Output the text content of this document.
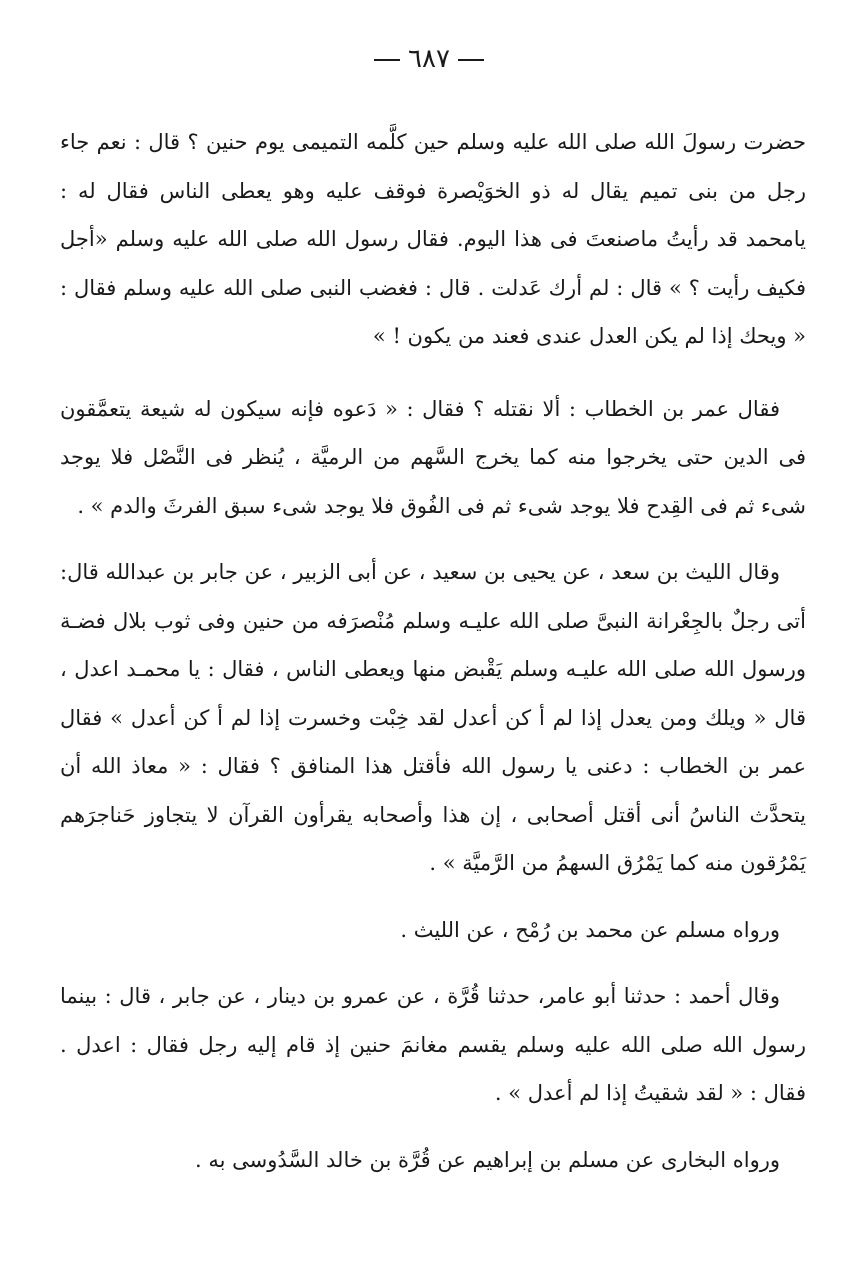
٦٨٧

حضرت رسولَ الله صلى الله عليه وسلم حين كلَّمه التميمى يوم حنين ؟ قال : نعم جاء رجل من بنى تميم يقال له ذو الخوَيْصرة فوقف عليه وهو يعطى الناس فقال له : يامحمد قد رأيتُ ماصنعتَ فى هذا اليوم. فقال رسول الله صلى الله عليه وسلم «أجل فكيف رأيت ؟ » قال : لم أرك عَدلت . قال : فغضب النبى صلى الله عليه وسلم فقال : « ويحك إذا لم يكن العدل عندى فعند من يكون ! »

فقال عمر بن الخطاب : ألا نقتله ؟ فقال : « دَعوه فإنه سيكون له شيعة يتعمَّقون فى الدين حتى يخرجوا منه كما يخرج السَّهم من الرميَّة ، يُنظر فى النَّصْل فلا يوجد شىء ثم فى القِدح فلا يوجد شىء ثم فى الفُوق فلا يوجد شىء سبق الفرثَ والدم » .

وقال الليث بن سعد ، عن يحيى بن سعيد ، عن أبى الزبير ، عن جابر بن عبدالله قال: أتى رجلٌ بالجِعْرانة النبىَّ صلى الله عليـه وسلم مُنْصرَفه من حنين وفى ثوب بلال فضـة ورسول الله صلى الله عليـه وسلم يَقْبض منها ويعطى الناس ، فقال : يا محمـد اعدل ، قال « ويلك ومن يعدل إذا لم أ كن أعدل لقد خِبْت وخسرت إذا لم أ كن أعدل » فقال عمر بن الخطاب : دعنى يا رسول الله فأقتل هذا المنافق ؟ فقال : « معاذ الله أن يتحدَّث الناسُ أنى أقتل أصحابى ، إن هذا وأصحابه يقرأون القرآن لا يتجاوز حَناجرَهم يَمْرُقون منه كما يَمْرُق السهمُ من الرَّميَّة » .

ورواه مسلم عن محمد بن رُمْح ، عن الليث .

وقال أحمد : حدثنا أبو عامر، حدثنا قُرَّة ، عن عمرو بن دينار ، عن جابر ، قال : بينما رسول الله صلى الله عليه وسلم يقسم مغانمَ حنين إذ قام إليه رجل فقال : اعدل . فقال : « لقد شقيتُ إذا لم أعدل » .

ورواه البخارى عن مسلم بن إبراهيم عن قُرَّة بن خالد السَّدُوسى به .
